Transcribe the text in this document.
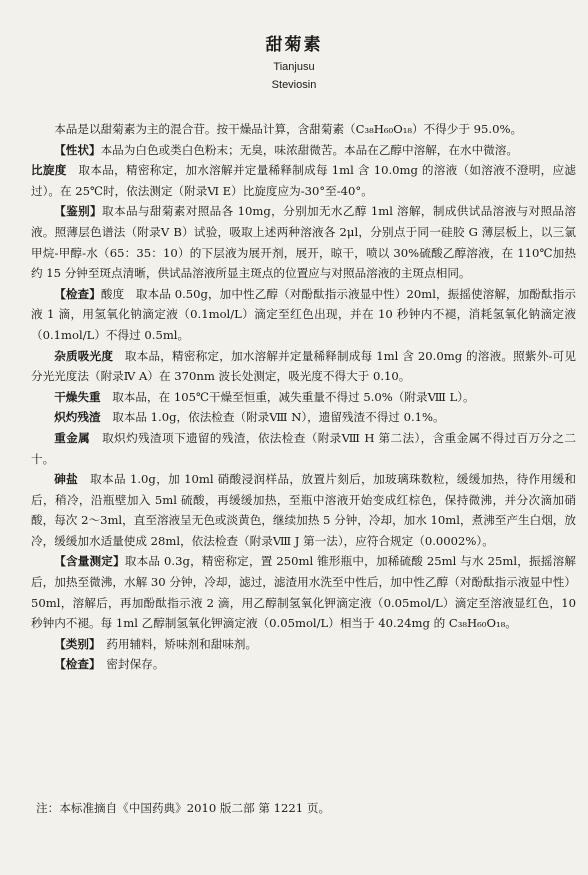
甜菊素
Tianjusu
Steviosin

本品是以甜菊素为主的混合苷。按干燥品计算，含甜菊素（C₃₈H₆₀O₁₈）不得少于 95.0%。

【性状】本品为白色或类白色粉末；无臭，味浓甜微苦。本品在乙醇中溶解，在水中微溶。

比旋度　 取本品，精密称定，加水溶解并定量稀释制成每 1ml 含 10.0mg 的溶液（如溶液不澄明，应滤过）。在 25℃时，依法测定（附录Ⅵ E）比旋度应为-30°至-40°。

【鉴别】取本品与甜菊素对照品各 10mg，分别加无水乙醇 1ml 溶解，制成供试品溶液与对照品溶液。照薄层色谱法（附录Ⅴ B）试验，吸取上述两种溶液各 2μl，分别点于同一硅胶 G 薄层板上，以三氯甲烷-甲醇-水（65：35：10）的下层液为展开剂，展开，晾干，喷以 30%硫酸乙醇溶液，在 110℃加热约 15 分钟至斑点清晰，供试品溶液所显主斑点的位置应与对照品溶液的主斑点相同。

【检查】酸度　取本品 0.50g，加中性乙醇（对酚酞指示液显中性）20ml，振摇使溶解，加酚酞指示液 1 滴，用氢氧化钠滴定液（0.1mol/L）滴定至红色出现，并在 10 秒钟内不褪，消耗氢氧化钠滴定液（0.1mol/L）不得过 0.5ml。

杂质吸光度　 取本品，精密称定，加水溶解并定量稀释制成每 1ml 含 20.0mg 的溶液。照紫外-可见分光光度法（附录Ⅳ A）在 370nm 波长处测定，吸光度不得大于 0.10。

干燥失重　 取本品，在 105℃干燥至恒重，减失重量不得过 5.0%（附录Ⅷ L）。

炽灼残渣　 取本品 1.0g，依法检查（附录Ⅷ N），遗留残渣不得过 0.1%。

重金属　 取炽灼残渣项下遗留的残渣，依法检查（附录Ⅷ H 第二法），含重金属不得过百万分之二十。

砷盐　 取本品 1.0g，加 10ml 硝酸浸润样品，放置片刻后，加玻璃珠数粒，缓缓加热，待作用缓和后，稍冷，沿瓶壁加入 5ml 硫酸，再缓缓加热，至瓶中溶液开始变成红棕色，保持微沸，并分次滴加硝酸，每次 2～3ml，直至溶液呈无色或淡黄色，继续加热 5 分钟，冷却，加水 10ml，煮沸至产生白烟，放冷，缓缓加水适量使成 28ml，依法检查（附录Ⅷ J 第一法），应符合规定（0.0002%）。

【含量测定】取本品 0.3g，精密称定，置 250ml 锥形瓶中，加稀硫酸 25ml 与水 25ml，振摇溶解后，加热至微沸，水解 30 分钟，冷却，滤过，滤渣用水洗至中性后，加中性乙醇（对酚酞指示液显中性）50ml，溶解后，再加酚酞指示液 2 滴，用乙醇制氢氧化钾滴定液（0.05mol/L）滴定至溶液显红色，10 秒钟内不褪。每 1ml 乙醇制氢氧化钾滴定液（0.05mol/L）相当于 40.24mg 的 C₃₈H₆₀O₁₈。

【类别】　 药用辅料，矫味剂和甜味剂。

【检查】　 密封保存。

注：本标准摘自《中国药典》2010 版二部 第 1221 页。
